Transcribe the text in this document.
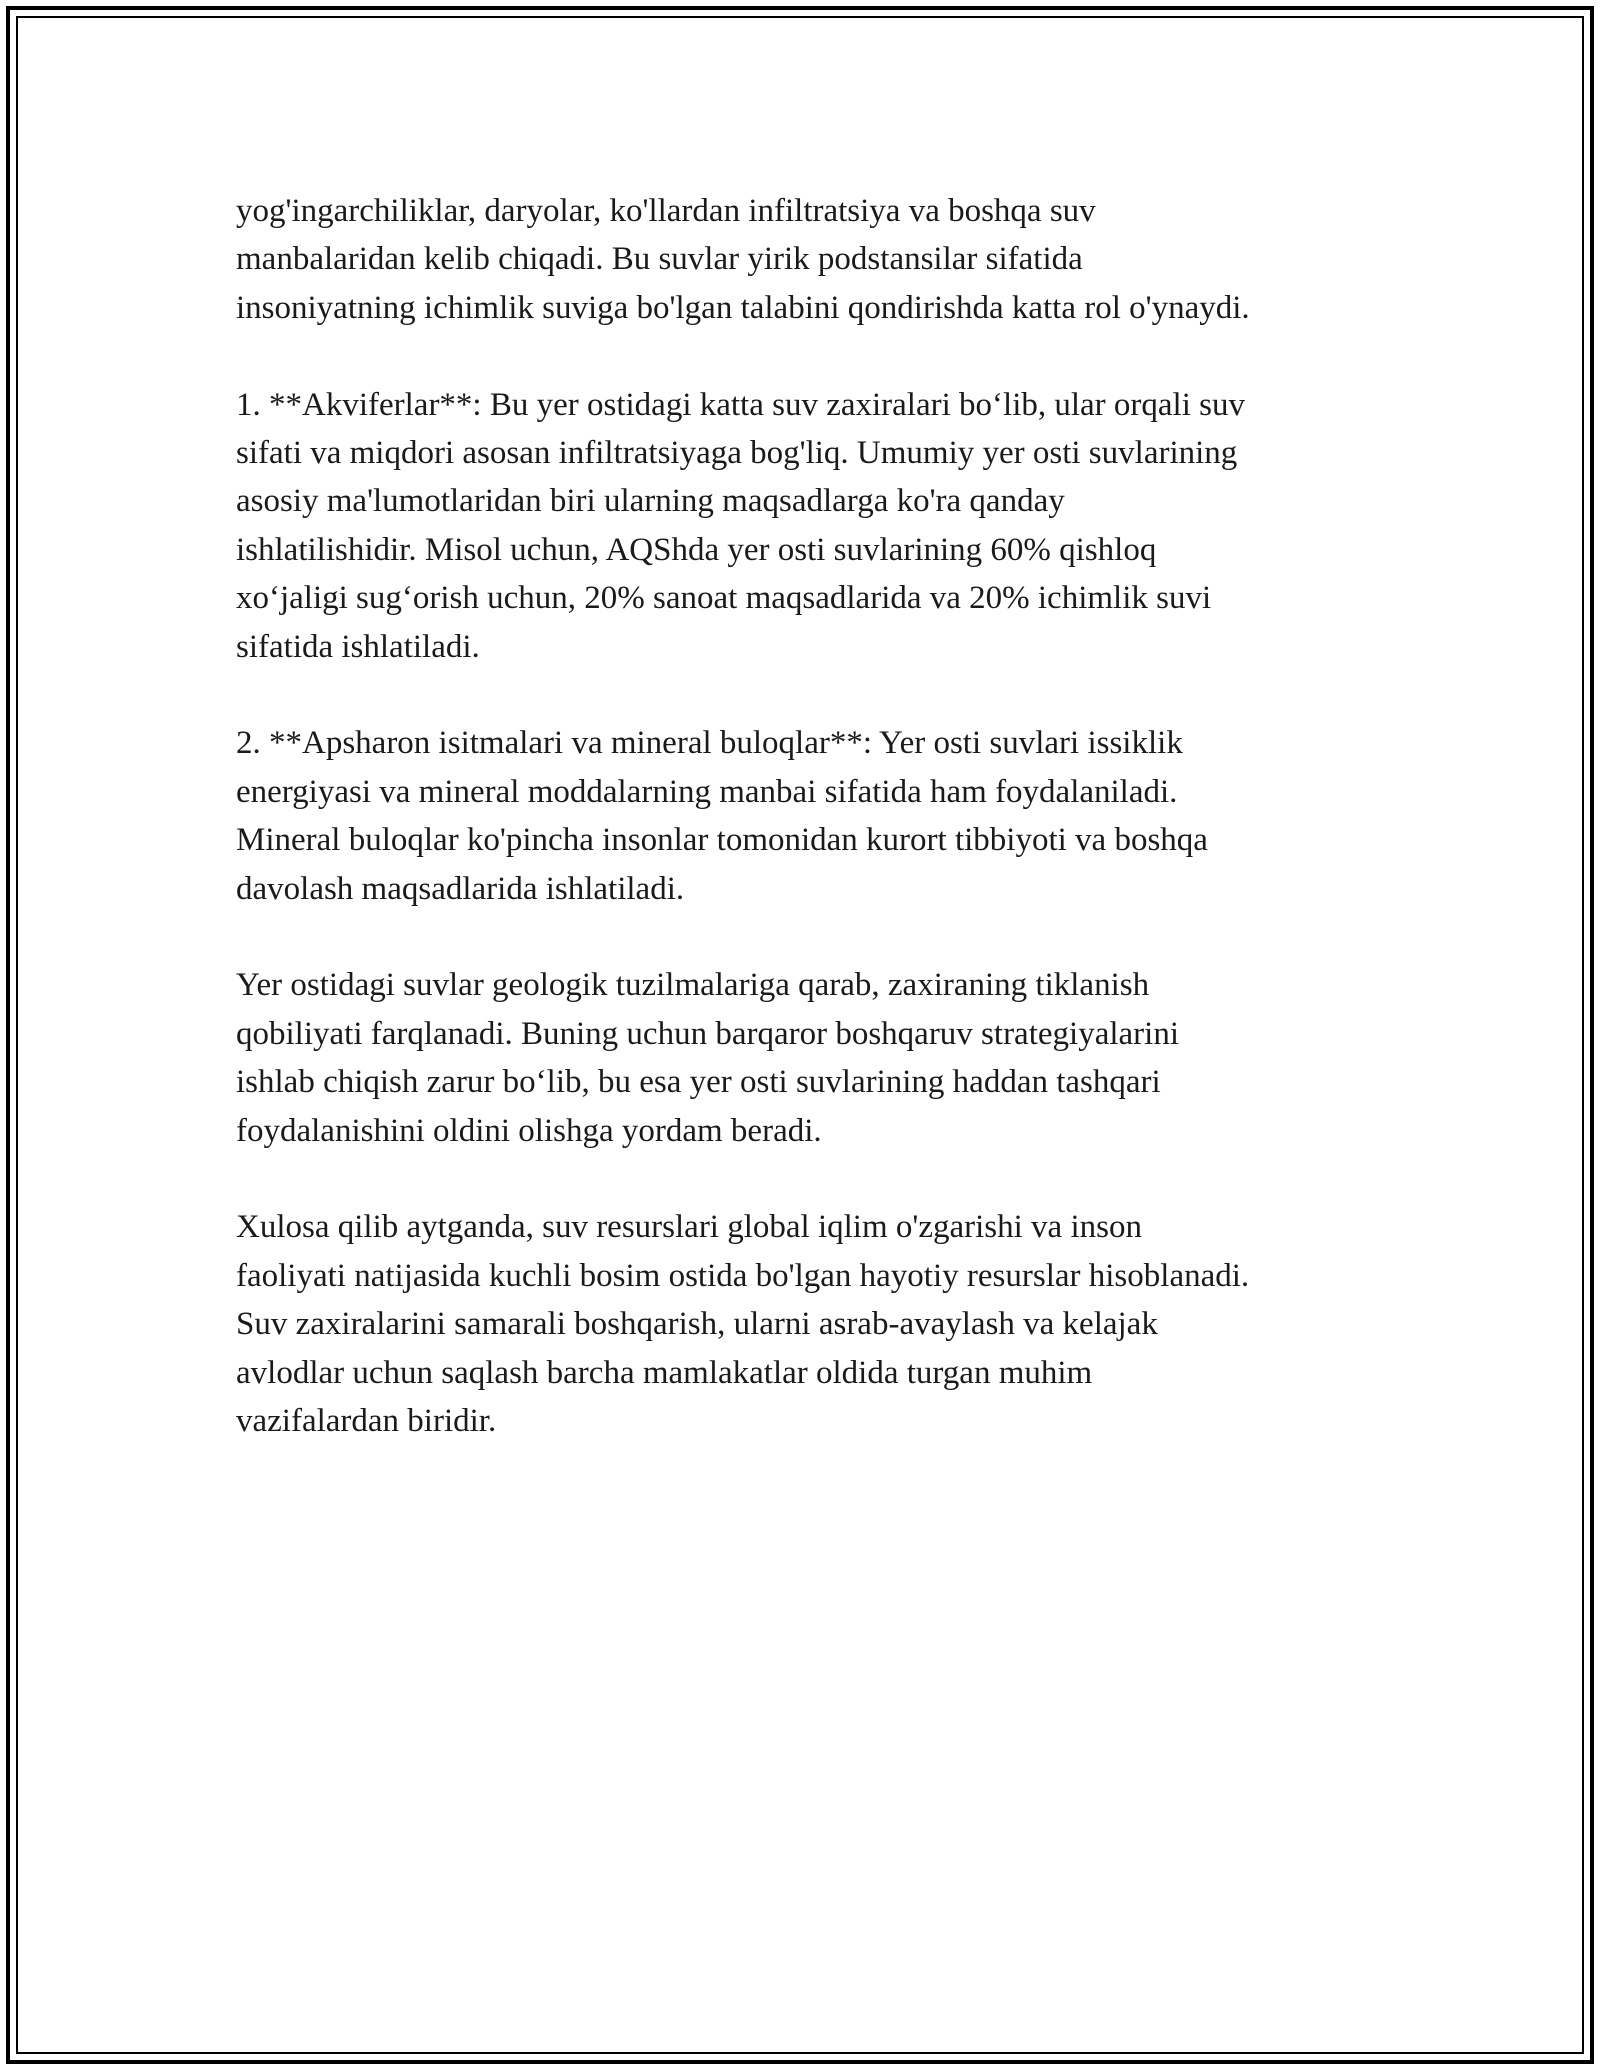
yog'ingarchiliklar, daryolar, ko'llardan infiltratsiya va boshqa suv
manbalaridan kelib chiqadi. Bu suvlar yirik podstansilar sifatida
insoniyatning ichimlik suviga bo'lgan talabini qondirishda katta rol o'ynaydi.

1. **Akviferlar**: Bu yer ostidagi katta suv zaxiralari bo‘lib, ular orqali suv
sifati va miqdori asosan infiltratsiyaga bog'liq. Umumiy yer osti suvlarining
asosiy ma'lumotlaridan biri ularning maqsadlarga ko'ra qanday
ishlatilishidir. Misol uchun, AQShda yer osti suvlarining 60% qishloq
xo‘jaligi sug‘orish uchun, 20% sanoat maqsadlarida va 20% ichimlik suvi
sifatida ishlatiladi.

2. **Apsharon isitmalari va mineral buloqlar**: Yer osti suvlari issiklik
energiyasi va mineral moddalarning manbai sifatida ham foydalaniladi.
Mineral buloqlar ko'pincha insonlar tomonidan kurort tibbiyoti va boshqa
davolash maqsadlarida ishlatiladi.

Yer ostidagi suvlar geologik tuzilmalariga qarab, zaxiraning tiklanish
qobiliyati farqlanadi. Buning uchun barqaror boshqaruv strategiyalarini
ishlab chiqish zarur bo‘lib, bu esa yer osti suvlarining haddan tashqari
foydalanishini oldini olishga yordam beradi.

Xulosa qilib aytganda, suv resurslari global iqlim o'zgarishi va inson
faoliyati natijasida kuchli bosim ostida bo'lgan hayotiy resurslar hisoblanadi.
Suv zaxiralarini samarali boshqarish, ularni asrab-avaylash va kelajak
avlodlar uchun saqlash barcha mamlakatlar oldida turgan muhim
vazifalardan biridir.
